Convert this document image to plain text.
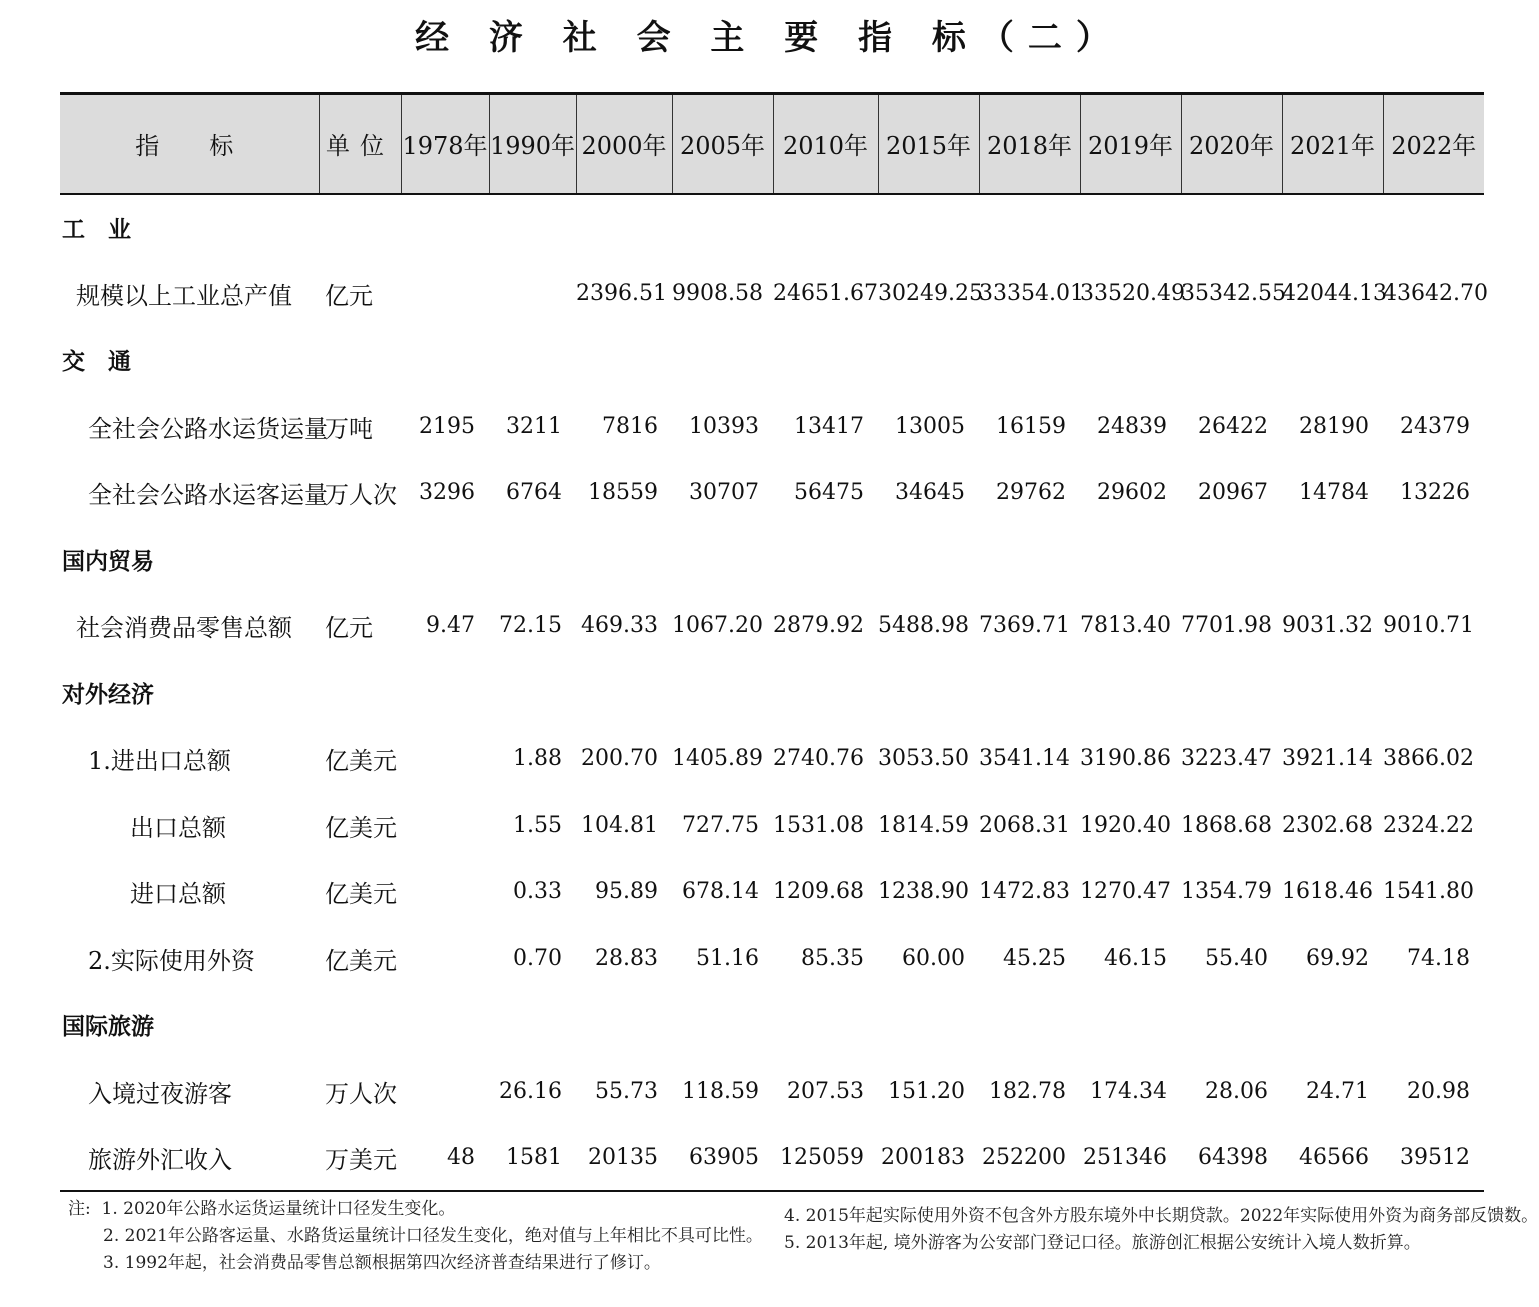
经 济 社 会 主 要 指 标（二）
指标	单位	1978年	1990年	2000年	2005年	2010年	2015年	2018年	2019年	2020年	2021年	2022年
工　业												
规模以上工业总产值	亿元			2396.51	9908.58	24651.67	30249.25	33354.01	33520.49	35342.55	42044.13	43642.70
交　通												
全社会公路水运货运量	万吨	2195	3211	7816	10393	13417	13005	16159	24839	26422	28190	24379
全社会公路水运客运量	万人次	3296	6764	18559	30707	56475	34645	29762	29602	20967	14784	13226
国内贸易												
社会消费品零售总额	亿元	9.47	72.15	469.33	1067.20	2879.92	5488.98	7369.71	7813.40	7701.98	9031.32	9010.71
对外经济												
1.进出口总额	亿美元		1.88	200.70	1405.89	2740.76	3053.50	3541.14	3190.86	3223.47	3921.14	3866.02
出口总额	亿美元		1.55	104.81	727.75	1531.08	1814.59	2068.31	1920.40	1868.68	2302.68	2324.22
进口总额	亿美元		0.33	95.89	678.14	1209.68	1238.90	1472.83	1270.47	1354.79	1618.46	1541.80
2.实际使用外资	亿美元		0.70	28.83	51.16	85.35	60.00	45.25	46.15	55.40	69.92	74.18
国际旅游												
入境过夜游客	万人次		26.16	55.73	118.59	207.53	151.20	182.78	174.34	28.06	24.71	20.98
旅游外汇收入	万美元	48	1581	20135	63905	125059	200183	252200	251346	64398	46566	39512
注: 1. 2020年公路水运货运量统计口径发生变化。
2. 2021年公路客运量、水路货运量统计口径发生变化，绝对值与上年相比不具可比性。
3. 1992年起，社会消费品零售总额根据第四次经济普查结果进行了修订。
4. 2015年起实际使用外资不包含外方股东境外中长期贷款。2022年实际使用外资为商务部反馈数。
5. 2013年起, 境外游客为公安部门登记口径。旅游创汇根据公安统计入境人数折算。
